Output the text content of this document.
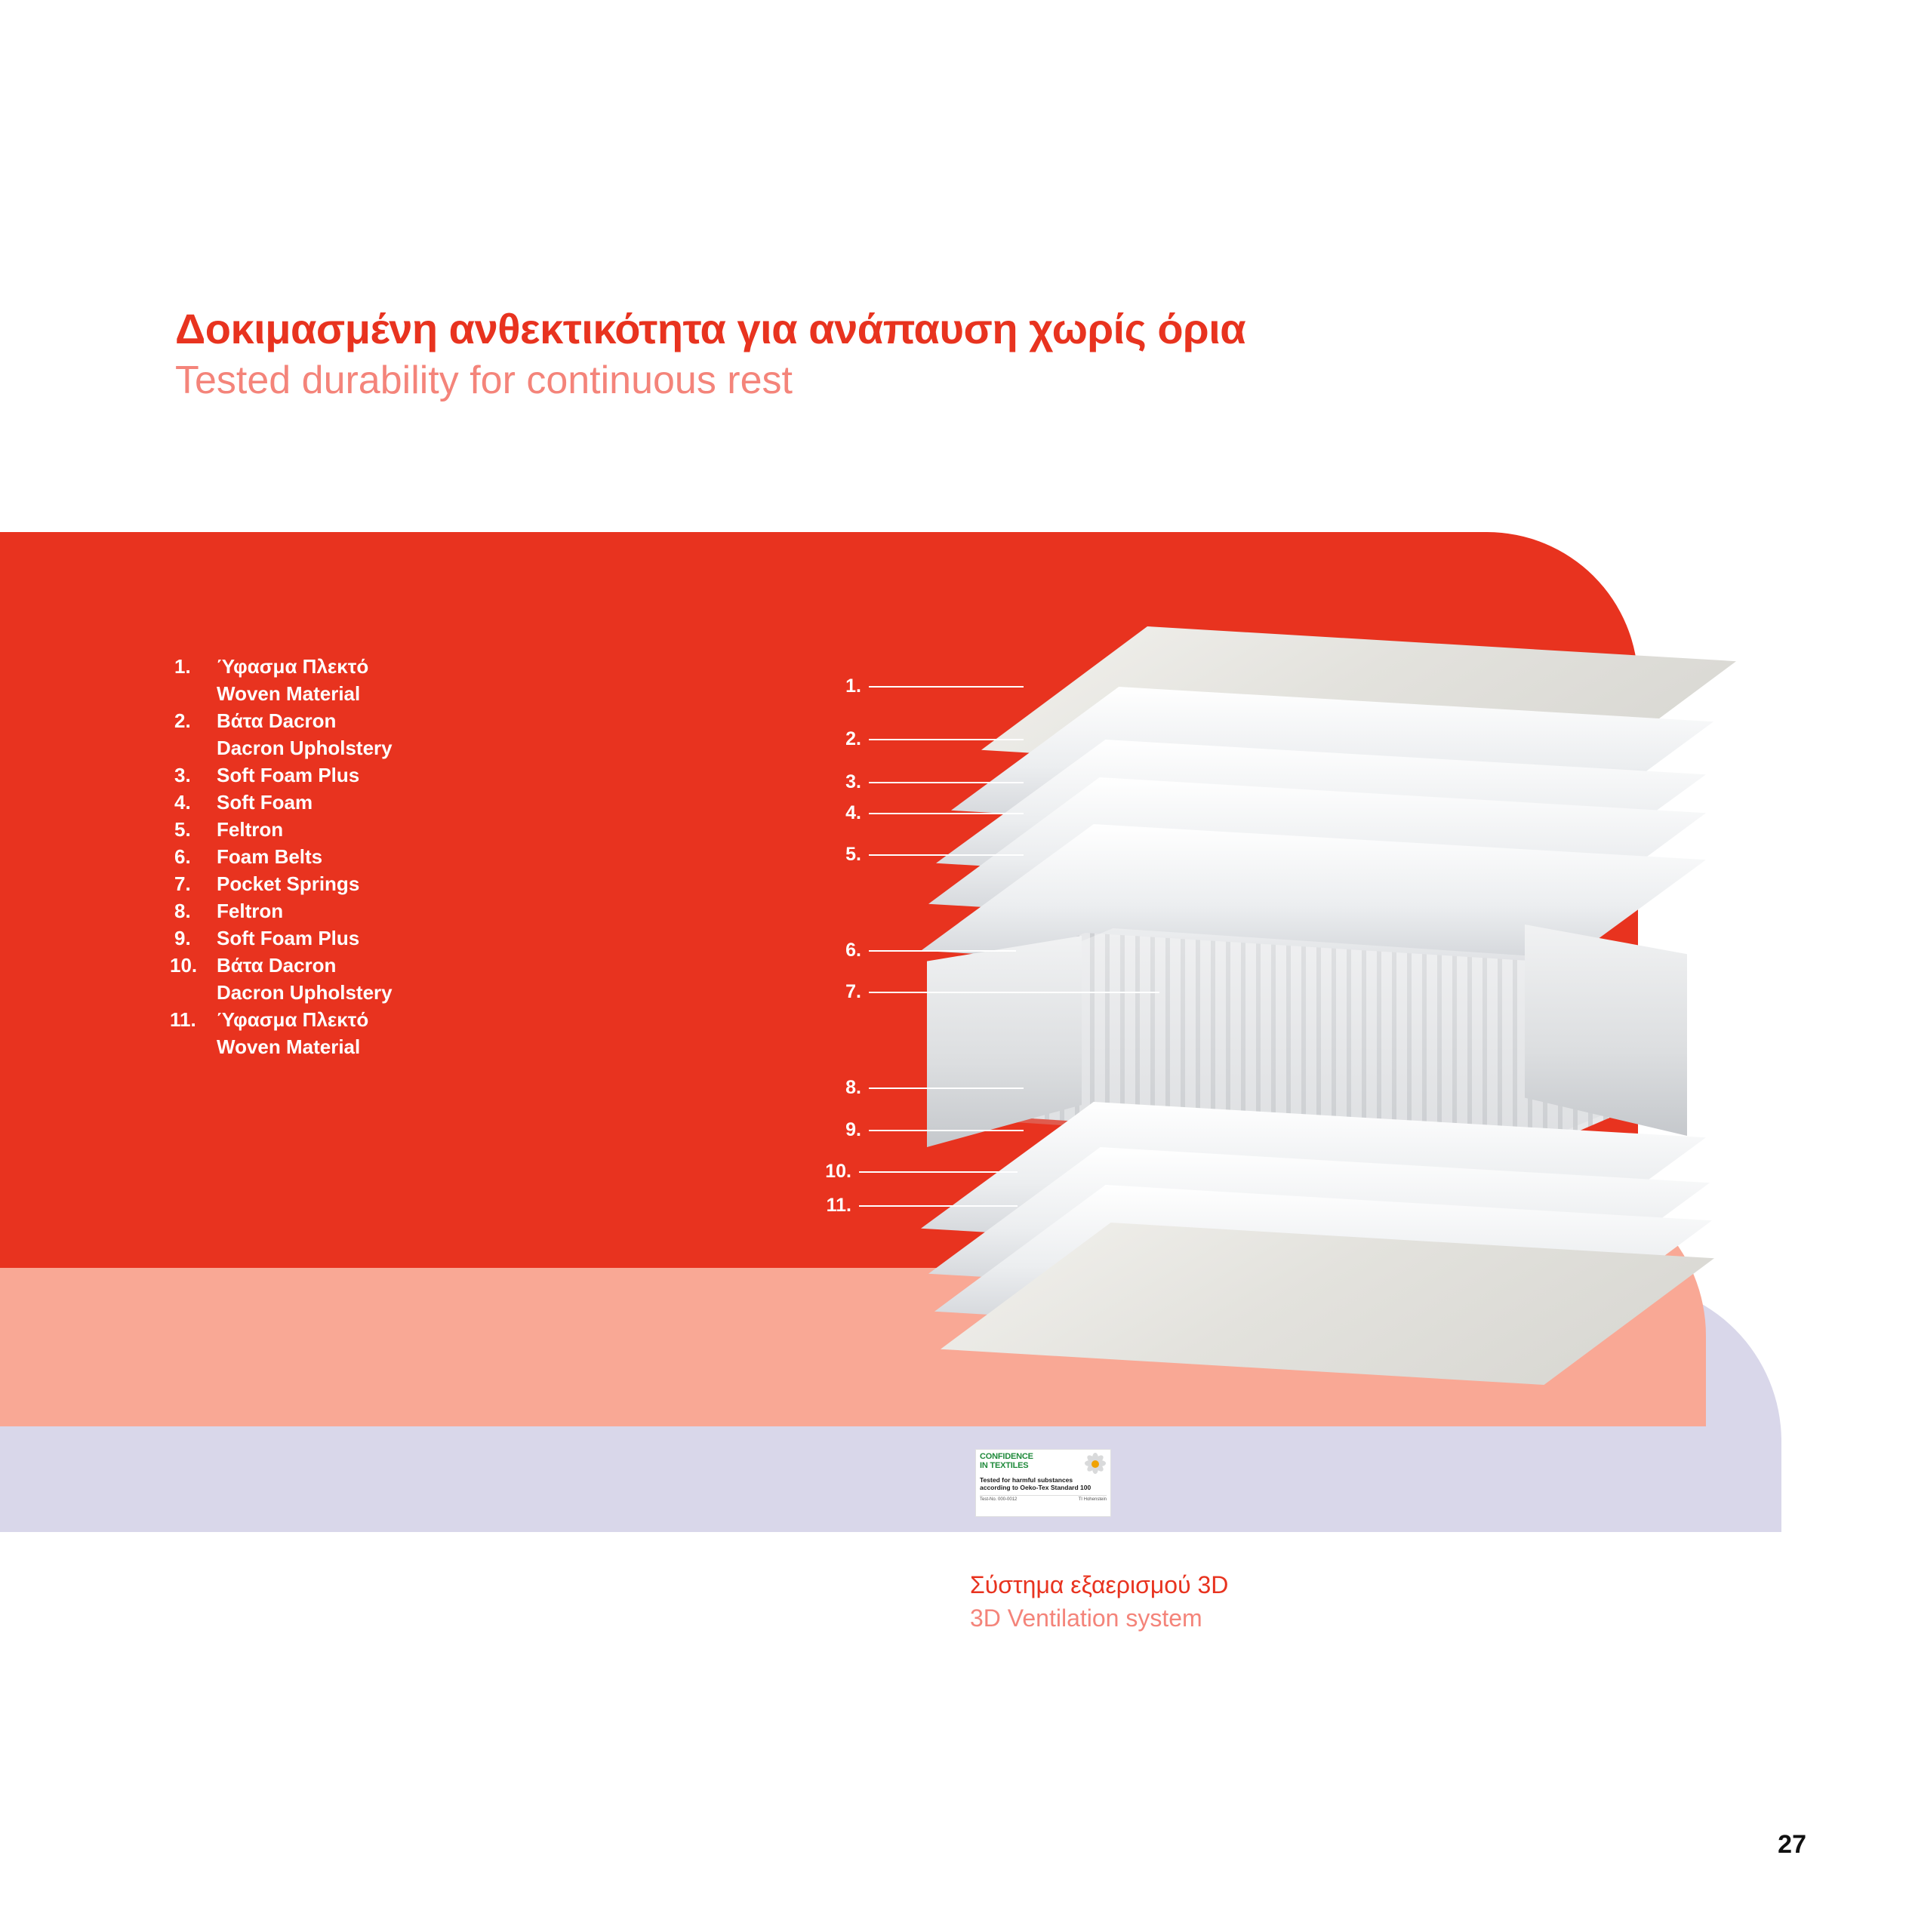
Δοκιμασμένη ανθεκτικότητα για ανάπαυση χωρίς όρια
Tested durability for continuous rest
1.	Ύφασμα Πλεκτό
Woven Material
2.	Βάτα Dacron
Dacron Upholstery
3.	Soft Foam Plus
4.	Soft Foam
5.	Feltron
6.	Foam Belts
7.	Pocket Springs
8.	Feltron
9.	Soft Foam Plus
10. Βάτα Dacron
Dacron Upholstery
11.	Ύφασμα Πλεκτό
Woven Material
1.
2.
3.
4.
5.
6.
7.
8.
9.
10.
11.
CONFIDENCE
IN TEXTILES
Tested for harmful substances
according to Oeko-Tex Standard 100
Test-No. 000-0012	TI Hohenstein

Σύστημα εξαερισμού 3D

3D Ventilation system

27
